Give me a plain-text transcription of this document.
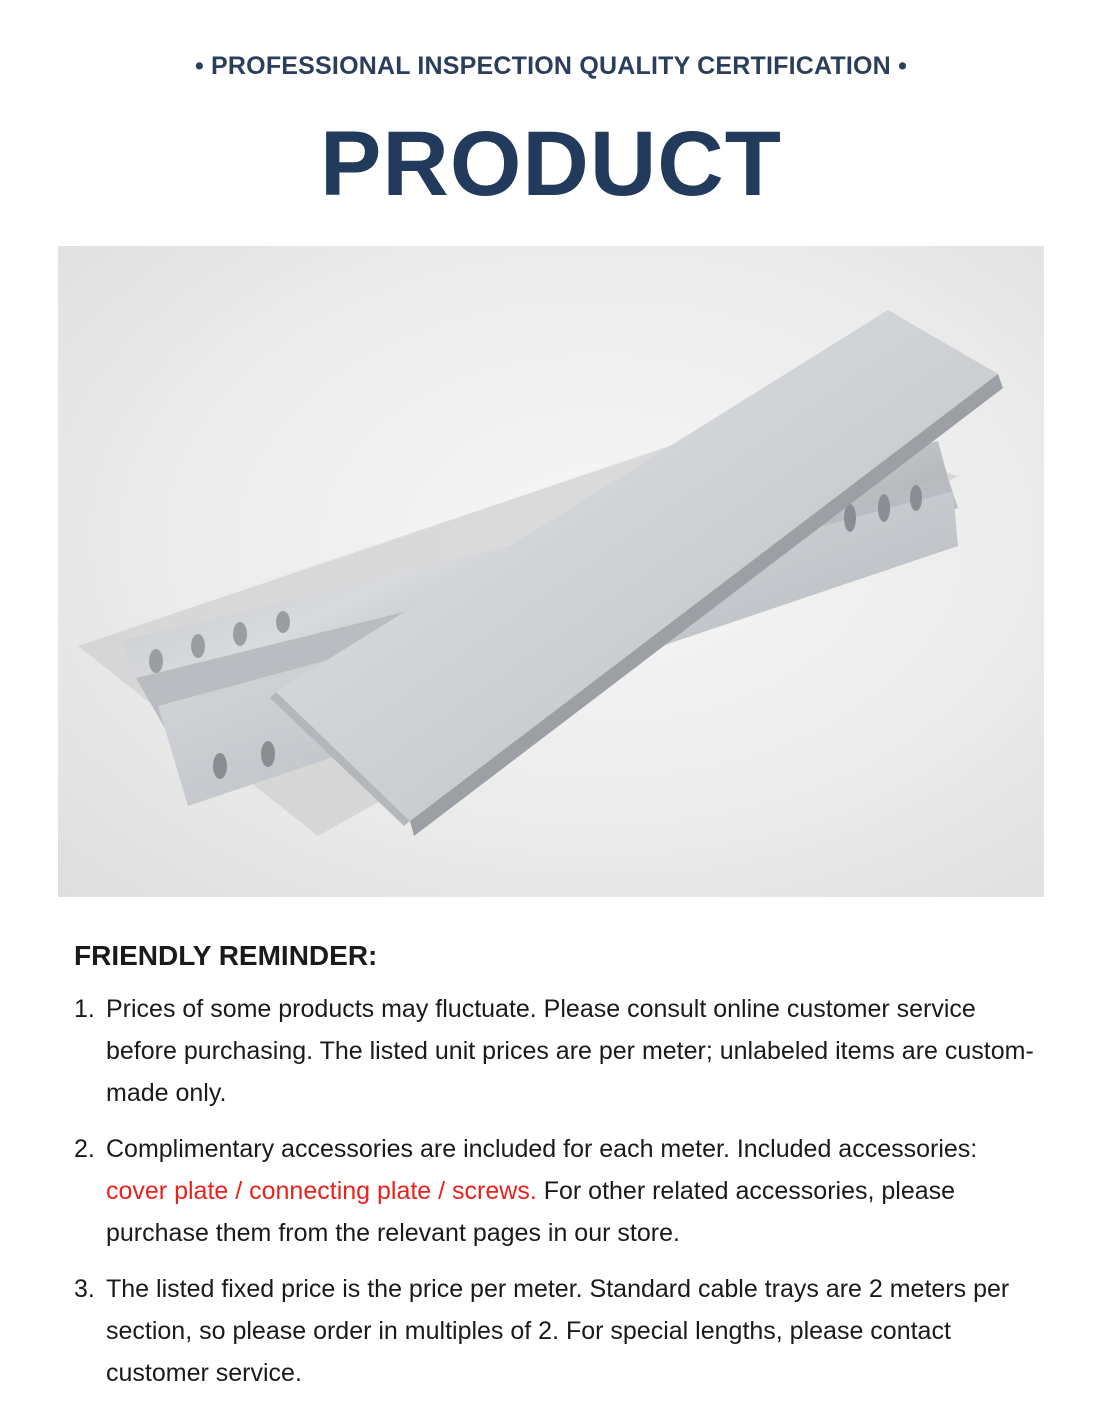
• PROFESSIONAL INSPECTION QUALITY CERTIFICATION •
PRODUCT
FRIENDLY REMINDER:
1. Prices of some products may fluctuate. Please consult online customer service before purchasing. The listed unit prices are per meter; unlabeled items are custom-made only.
2. Complimentary accessories are included for each meter. Included accessories: cover plate / connecting plate / screws. For other related accessories, please purchase them from the relevant pages in our store.
3. The listed fixed price is the price per meter. Standard cable trays are 2 meters per section, so please order in multiples of 2. For special lengths, please contact customer service.
